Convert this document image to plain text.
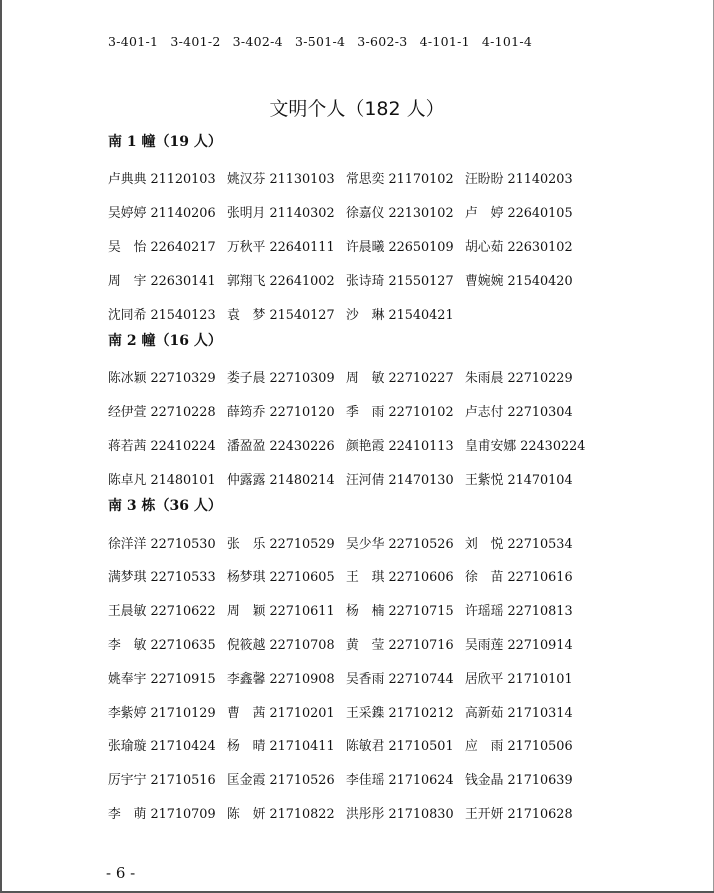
3-401-1 3-401-2 3-402-4 3-501-4 3-602-3 4-101-1 4-101-4
文明个人（182 人）
南 1 幢（19 人）
卢典典 21120103 姚汉芬 21130103 常思奕 21170102 汪盼盼 21140203
吴婷婷 21140206 张明月 21140302 徐嘉仪 22130102 卢　婷 22640105
吴　怡 22640217 万秋平 22640111 许晨曦 22650109 胡心茹 22630102
周　宇 22630141 郭翔飞 22641002 张诗琦 21550127 曹婉婉 21540420
沈同希 21540123 袁　梦 21540127 沙　琳 21540421
南 2 幢（16 人）
陈冰颖 22710329 娄子晨 22710309 周　敏 22710227 朱雨晨 22710229
经伊萱 22710228 薛筠乔 22710120 季　雨 22710102 卢志付 22710304
蒋若茜 22410224 潘盈盈 22430226 颜艳霞 22410113 皇甫安娜 22430224
陈卓凡 21480101 仲露露 21480214 汪河倩 21470130 王紫悦 21470104
南 3 栋（36 人）
徐洋洋 22710530 张　乐 22710529 吴少华 22710526 刘　悦 22710534
满梦琪 22710533 杨梦琪 22710605 王　琪 22710606 徐　苗 22710616
王晨敏 22710622 周　颖 22710611 杨　楠 22710715 许瑶瑶 22710813
李　敏 22710635 倪筱越 22710708 黄　莹 22710716 吴雨莲 22710914
姚奉宇 22710915 李鑫馨 22710908 吴香雨 22710744 居欣平 21710101
李紫婷 21710129 曹　茜 21710201 王采鏶 21710212 高新茹 21710314
张瑜璇 21710424 杨　晴 21710411 陈敏君 21710501 应　雨 21710506
厉宇宁 21710516 匡金霞 21710526 李佳瑶 21710624 钱金晶 21710639
李　萌 21710709 陈　妍 21710822 洪彤彤 21710830 王开妍 21710628
- 6 -
